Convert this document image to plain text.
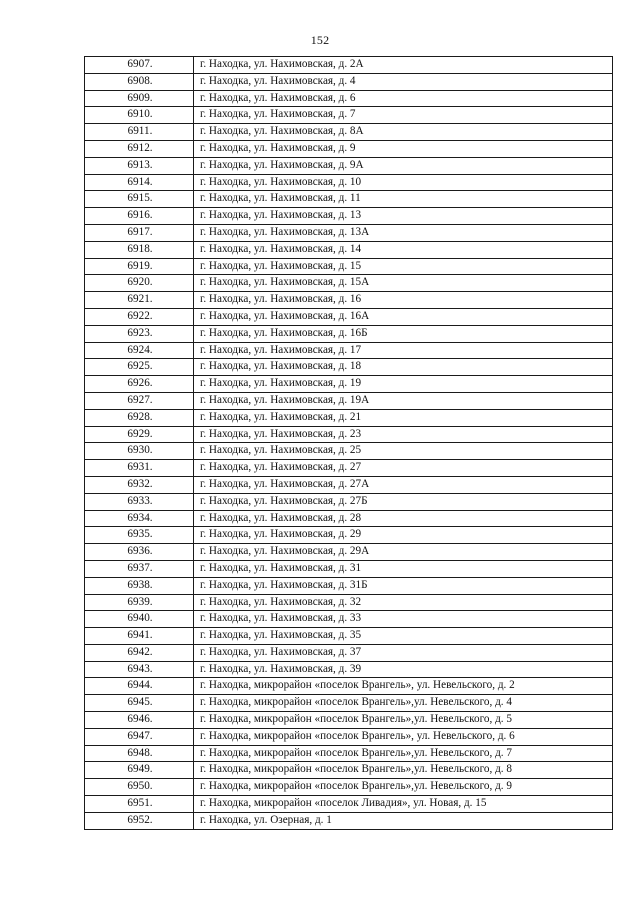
152
6907.	г. Находка, ул. Нахимовская, д. 2А
6908.	г. Находка, ул. Нахимовская, д. 4
6909.	г. Находка, ул. Нахимовская, д. 6
6910.	г. Находка, ул. Нахимовская, д. 7
6911.	г. Находка, ул. Нахимовская, д. 8А
6912.	г. Находка, ул. Нахимовская, д. 9
6913.	г. Находка, ул. Нахимовская, д. 9А
6914.	г. Находка, ул. Нахимовская, д. 10
6915.	г. Находка, ул. Нахимовская, д. 11
6916.	г. Находка, ул. Нахимовская, д. 13
6917.	г. Находка, ул. Нахимовская, д. 13А
6918.	г. Находка, ул. Нахимовская, д. 14
6919.	г. Находка, ул. Нахимовская, д. 15
6920.	г. Находка, ул. Нахимовская, д. 15А
6921.	г. Находка, ул. Нахимовская, д. 16
6922.	г. Находка, ул. Нахимовская, д. 16А
6923.	г. Находка, ул. Нахимовская, д. 16Б
6924.	г. Находка, ул. Нахимовская, д. 17
6925.	г. Находка, ул. Нахимовская, д. 18
6926.	г. Находка, ул. Нахимовская, д. 19
6927.	г. Находка, ул. Нахимовская, д. 19А
6928.	г. Находка, ул. Нахимовская, д. 21
6929.	г. Находка, ул. Нахимовская, д. 23
6930.	г. Находка, ул. Нахимовская, д. 25
6931.	г. Находка, ул. Нахимовская, д. 27
6932.	г. Находка, ул. Нахимовская, д. 27А
6933.	г. Находка, ул. Нахимовская, д. 27Б
6934.	г. Находка, ул. Нахимовская, д. 28
6935.	г. Находка, ул. Нахимовская, д. 29
6936.	г. Находка, ул. Нахимовская, д. 29А
6937.	г. Находка, ул. Нахимовская, д. 31
6938.	г. Находка, ул. Нахимовская, д. 31Б
6939.	г. Находка, ул. Нахимовская, д. 32
6940.	г. Находка, ул. Нахимовская, д. 33
6941.	г. Находка, ул. Нахимовская, д. 35
6942.	г. Находка, ул. Нахимовская, д. 37
6943.	г. Находка, ул. Нахимовская, д. 39
6944.	г. Находка, микрорайон «поселок Врангель», ул. Невельского, д. 2
6945.	г. Находка, микрорайон «поселок Врангель»,ул. Невельского, д. 4
6946.	г. Находка, микрорайон «поселок Врангель»,ул. Невельского, д. 5
6947.	г. Находка, микрорайон «поселок Врангель», ул. Невельского, д. 6
6948.	г. Находка, микрорайон «поселок Врангель»,ул. Невельского, д. 7
6949.	г. Находка, микрорайон «поселок Врангель»,ул. Невельского, д. 8
6950.	г. Находка, микрорайон «поселок Врангель»,ул. Невельского, д. 9
6951.	г. Находка, микрорайон «поселок Ливадия», ул. Новая, д. 15
6952.	г. Находка, ул. Озерная, д. 1
